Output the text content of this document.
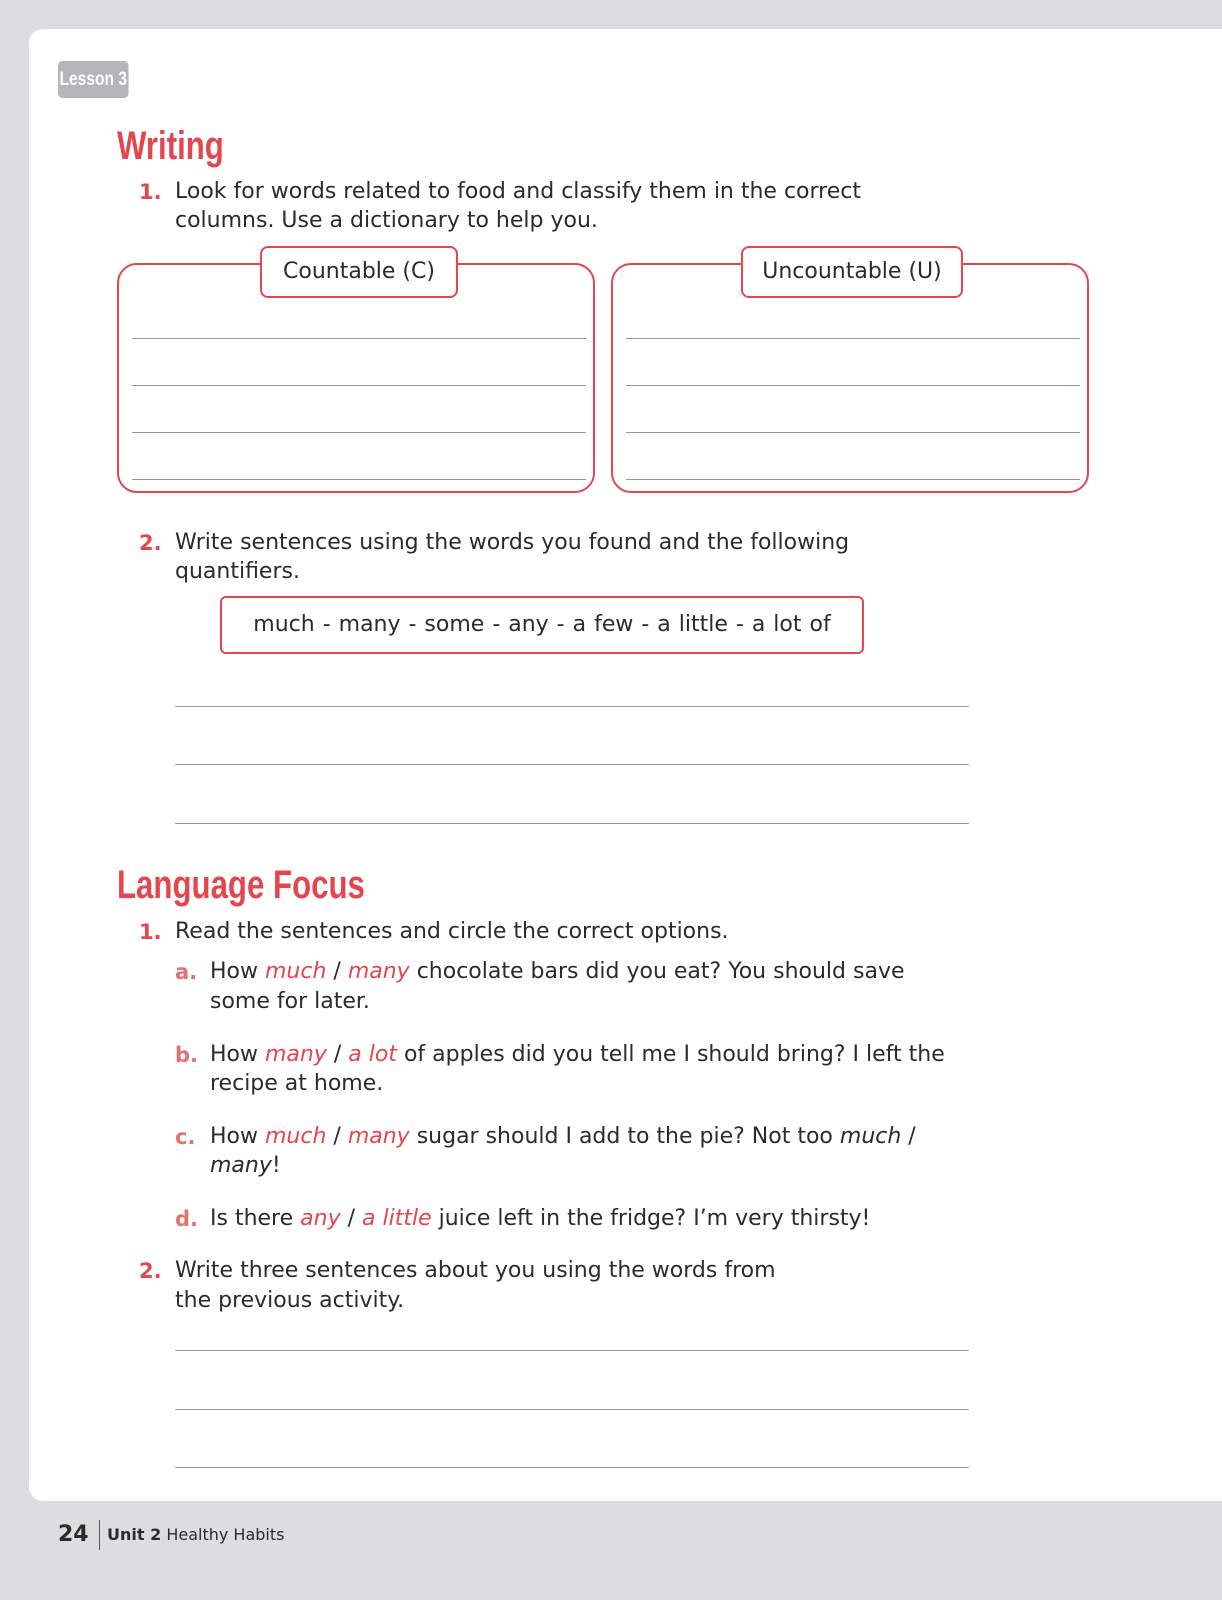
Lesson 3
Writing
1. Look for words related to food and classify them in the correct
columns. Use a dictionary to help you.
Countable (C)	Uncountable (U)
2. Write sentences using the words you found and the following
quantifiers.
much - many - some - any - a few - a little - a lot of
Language Focus
1. Read the sentences and circle the correct options.
a. How much / many chocolate bars did you eat? You should save
some for later.
b. How many / a lot of apples did you tell me I should bring? I left the
recipe at home.
c. How much / many sugar should I add to the pie? Not too much /
many!
d. Is there any / a little juice left in the fridge? I’m very thirsty!
2. Write three sentences about you using the words from
the previous activity.
24 Unit 2 Healthy Habits
